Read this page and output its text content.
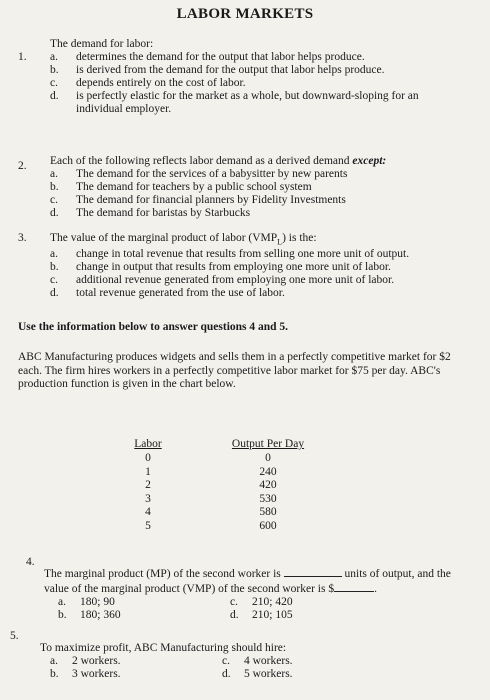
LABOR MARKETS
1.
The demand for labor:
a.	determines the demand for the output that labor helps produce.
b.	is derived from the demand for the output that labor helps produce.
c.	depends entirely on the cost of labor.
d.	is perfectly elastic for the market as a whole, but downward-sloping for an individual employer.
2. Each of the following reflects labor demand as a derived demand except:
a.	The demand for the services of a babysitter by new parents
b.	The demand for teachers by a public school system
c.	The demand for financial planners by Fidelity Investments
d.	The demand for baristas by Starbucks
3. The value of the marginal product of labor $(VMP_L)$ is the:
a.	change in total revenue that results from selling one more unit of output.
b.	change in output that results from employing one more unit of labor.
c.	additional revenue generated from employing one more unit of labor.
d.	total revenue generated from the use of labor.
Use the information below to answer questions 4 and 5.
ABC Manufacturing produces widgets and sells them in a perfectly competitive market for $2 each. The firm hires workers in a perfectly competitive labor market for $75 per day. ABC's production function is given in the chart below.
Labor		Output Per Day
0		0
1		240
2		420
3		530
4		580
5		600
4.
The marginal product (MP) of the second worker is	units of output, and the
value of the marginal product (VMP) of the second worker is $	.
a.	180; 90	c.	210; 420
b.	180; 360	d.	210; 105
5.
To maximize profit, ABC Manufacturing should hire:
a.	2 workers.	c.	4 workers.
b.	3 workers.	d.	5 workers.
